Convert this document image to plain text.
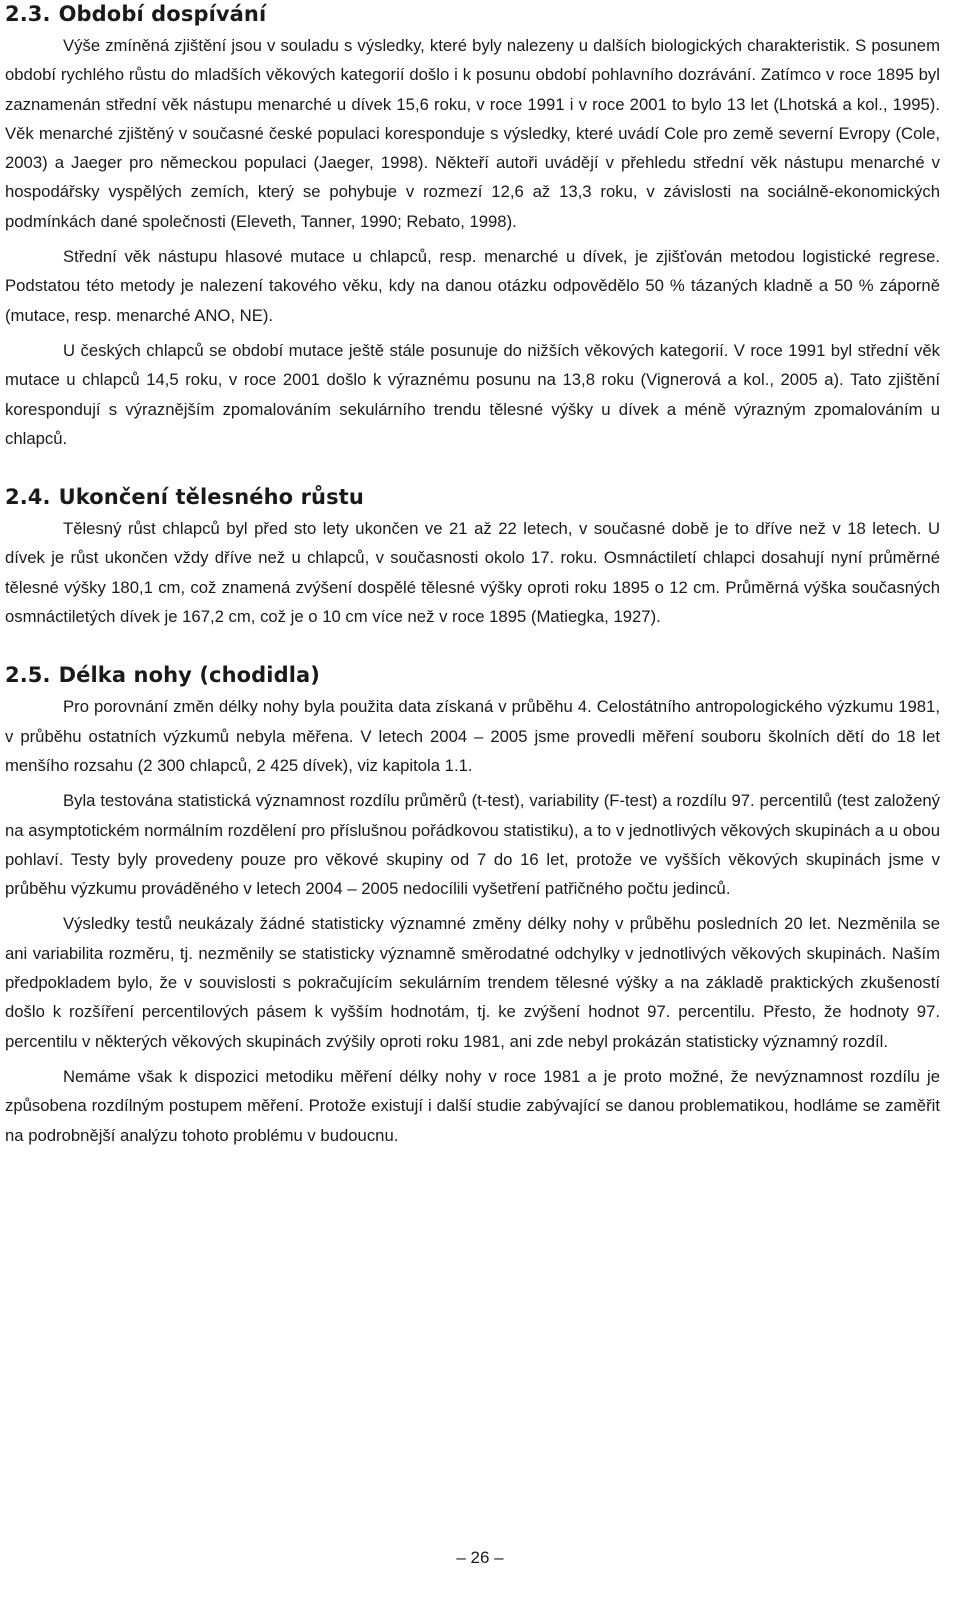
2.3. Období dospívání

Výše zmíněná zjištění jsou v souladu s výsledky, které byly nalezeny u dalších biologických charakteristik. S posunem období rychlého růstu do mladších věkových kategorií došlo i k posunu období pohlavního dozrávání. Zatímco v roce 1895 byl zaznamenán střední věk nástupu menarché u dívek 15,6 roku, v roce 1991 i v roce 2001 to bylo 13 let (Lhotská a kol., 1995). Věk menarché zjištěný v současné české populaci koresponduje s výsledky, které uvádí Cole pro země severní Evropy (Cole, 2003) a Jaeger pro německou populaci (Jaeger, 1998). Někteří autoři uvádějí v přehledu střední věk nástupu menarché v hospodářsky vyspělých zemích, který se pohybuje v rozmezí 12,6 až 13,3 roku, v závislosti na sociálně-ekonomických podmínkách dané společnosti (Eleveth, Tanner, 1990; Rebato, 1998).

Střední věk nástupu hlasové mutace u chlapců, resp. menarché u dívek, je zjišťován metodou logistické regrese. Podstatou této metody je nalezení takového věku, kdy na danou otázku odpovědělo 50 % tázaných kladně a 50 % záporně (mutace, resp. menarché ANO, NE).

U českých chlapců se období mutace ještě stále posunuje do nižších věkových kategorií. V roce 1991 byl střední věk mutace u chlapců 14,5 roku, v roce 2001 došlo k výraznému posunu na 13,8 roku (Vignerová a kol., 2005 a). Tato zjištění korespondují s výraznějším zpomalováním sekulárního trendu tělesné výšky u dívek a méně výrazným zpomalováním u chlapců.

2.4. Ukončení tělesného růstu

Tělesný růst chlapců byl před sto lety ukončen ve 21 až 22 letech, v současné době je to dříve než v 18 letech. U dívek je růst ukončen vždy dříve než u chlapců, v současnosti okolo 17. roku. Osmnáctiletí chlapci dosahují nyní průměrné tělesné výšky 180,1 cm, což znamená zvýšení dospělé tělesné výšky oproti roku 1895 o 12 cm. Průměrná výška současných osmnáctiletých dívek je 167,2 cm, což je o 10 cm více než v roce 1895 (Matiegka, 1927).

2.5. Délka nohy (chodidla)

Pro porovnání změn délky nohy byla použita data získaná v průběhu 4. Celostátního antropologického výzkumu 1981, v průběhu ostatních výzkumů nebyla měřena. V letech 2004 – 2005 jsme provedli měření souboru školních dětí do 18 let menšího rozsahu (2 300 chlapců, 2 425 dívek), viz kapitola 1.1.

Byla testována statistická významnost rozdílu průměrů (t-test), variability (F-test) a rozdílu 97. percentilů (test založený na asymptotickém normálním rozdělení pro příslušnou pořádkovou statistiku), a to v jednotlivých věkových skupinách a u obou pohlaví. Testy byly provedeny pouze pro věkové skupiny od 7 do 16 let, protože ve vyšších věkových skupinách jsme v průběhu výzkumu prováděného v letech 2004 – 2005 nedocílili vyšetření patřičného počtu jedinců.

Výsledky testů neukázaly žádné statisticky významné změny délky nohy v průběhu posledních 20 let. Nezměnila se ani variabilita rozměru, tj. nezměnily se statisticky významně směrodatné odchylky v jednotlivých věkových skupinách. Naším předpokladem bylo, že v souvislosti s pokračujícím sekulárním trendem tělesné výšky a na základě praktických zkušeností došlo k rozšíření percentilových pásem k vyšším hodnotám, tj. ke zvýšení hodnot 97. percentilu. Přesto, že hodnoty 97. percentilu v některých věkových skupinách zvýšily oproti roku 1981, ani zde nebyl prokázán statisticky významný rozdíl.

Nemáme však k dispozici metodiku měření délky nohy v roce 1981 a je proto možné, že nevýznamnost rozdílu je způsobena rozdílným postupem měření. Protože existují i další studie zabývající se danou problematikou, hodláme se zaměřit na podrobnější analýzu tohoto problému v budoucnu.

– 26 –
